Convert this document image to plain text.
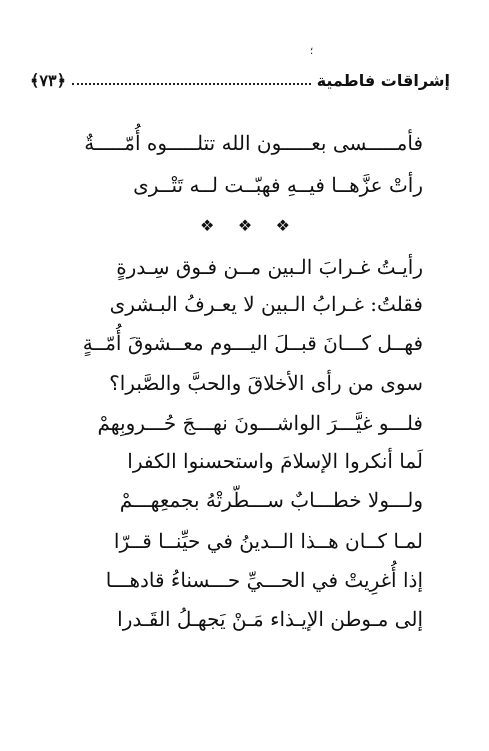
؛
إشراقات فاطمية
﴿٧٣﴾
فأمـــــسى بعـــــون الله تتلـــــوه أُمّـــــةٌ
رأتْ عزَّهــا فيــهِ فهبّــت لــه تَتْــرى
❖ ❖ ❖
رأيـتُ غـرابَ الـبين مــن فـوق سِـدرةٍ
فقلتُ: غـرابُ الـبين لا يعـرفُ البـشرى
فهــل كـــانَ قبــلَ اليـــوم معــشوقَ أُمّــةٍ
سوى من رأى الأخلاقَ والحبَّ والصَّبرا؟
فلـــو غيَّـــرَ الواشـــونَ نهـــجَ حُـــروبِهمْ
لَما أنكروا الإسلامَ واستحسنوا الكفرا
ولـــولا خطـــابٌ ســـطّرتْهُ بجمعِهـــمْ
لمـا كــان هــذا الــدينُ في حيِّنــا قــرّا
إذا أُغرِيتْ في الحـــيِّ حـــسناءُ قادهـــا
إلى مـوطن الإيـذاء مَـنْ يَجهـلُ القَـدرا
